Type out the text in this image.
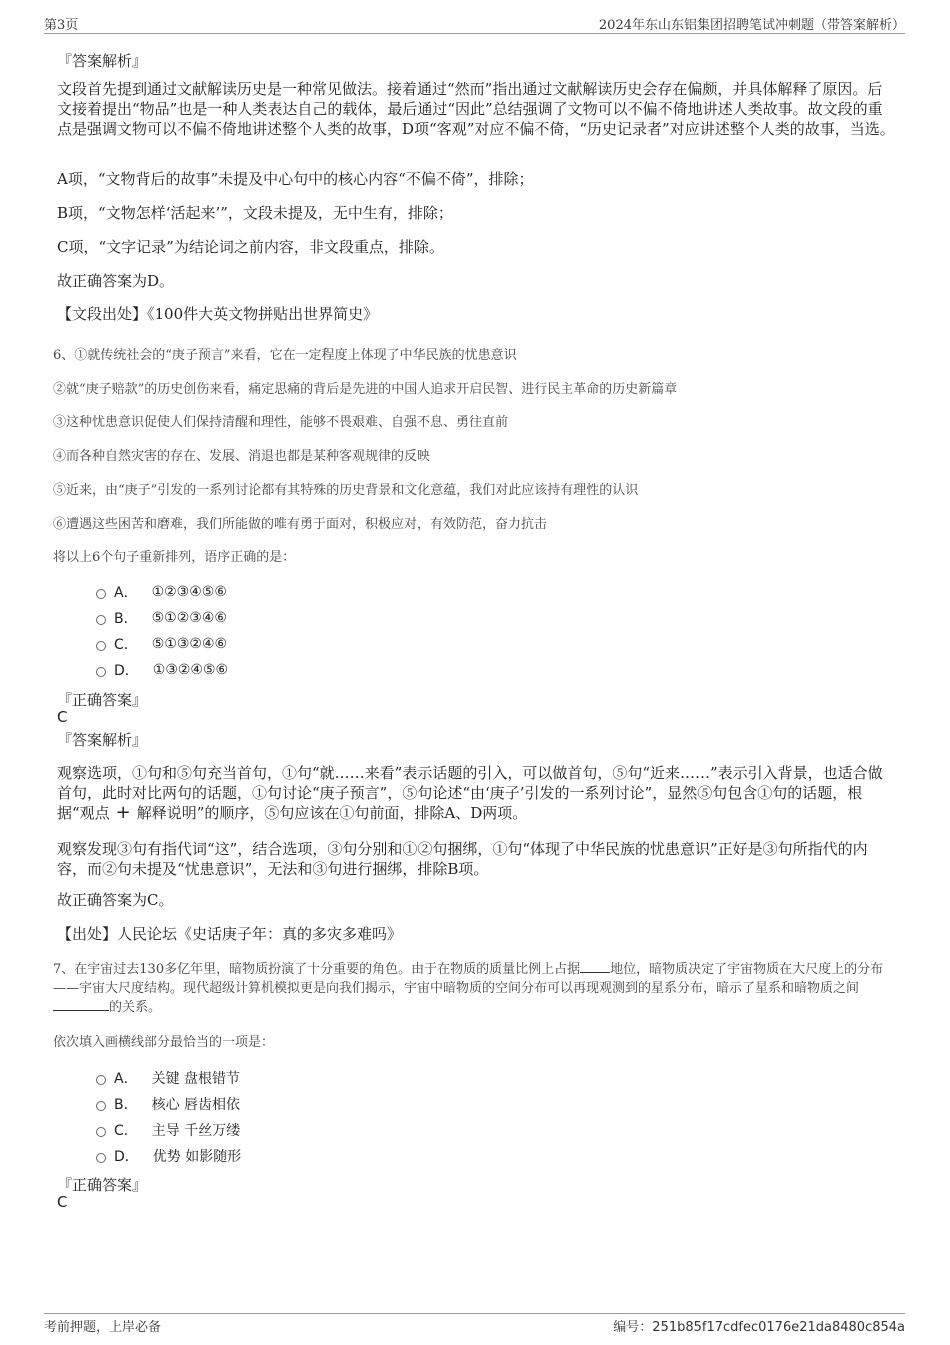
第3页	2024年东山东铝集团招聘笔试冲刺题（带答案解析）
『答案解析』
文段首先提到通过文献解读历史是一种常见做法。接着通过“然而”指出通过文献解读历史会存在偏颇，并具体解释了原因。后文接着提出“物品”也是一种人类表达自己的载体，最后通过“因此”总结强调了文物可以不偏不倚地讲述人类故事。故文段的重点是强调文物可以不偏不倚地讲述整个人类的故事，D项“客观”对应不偏不倚，“历史记录者”对应讲述整个人类的故事，当选。
A项，“文物背后的故事”未提及中心句中的核心内容“不偏不倚”，排除；
B项，“文物怎样‘活起来’”，文段未提及，无中生有，排除；
C项，“文字记录”为结论词之前内容，非文段重点，排除。
故正确答案为D。
【文段出处】《100件大英文物拼贴出世界简史》
6、①就传统社会的“庚子预言”来看，它在一定程度上体现了中华民族的忧患意识
②就“庚子赔款”的历史创伤来看，痛定思痛的背后是先进的中国人追求开启民智、进行民主革命的历史新篇章
③这种忧患意识促使人们保持清醒和理性，能够不畏艰难、自强不息、勇往直前
④而各种自然灾害的存在、发展、消退也都是某种客观规律的反映
⑤近来，由“庚子”引发的一系列讨论都有其特殊的历史背景和文化意蕴，我们对此应该持有理性的认识
⑥遭遇这些困苦和磨难，我们所能做的唯有勇于面对，积极应对，有效防范，奋力抗击
将以上6个句子重新排列，语序正确的是：
A． ①②③④⑤⑥
B． ⑤①②③④⑥
C． ⑤①③②④⑥
D． ①③②④⑤⑥
『正确答案』
C
『答案解析』
观察选项，①句和⑤句充当首句，①句“就……来看”表示话题的引入，可以做首句，⑤句“近来……”表示引入背景，也适合做首句，此时对比两句的话题，①句讨论“庚子预言”，⑤句论述“由‘庚子’引发的一系列讨论”，显然⑤句包含①句的话题，根据“观点 + 解释说明”的顺序，⑤句应该在①句前面，排除A、D两项。
观察发现③句有指代词“这”，结合选项，③句分别和①②句捆绑，①句“体现了中华民族的忧患意识”正好是③句所指代的内容，而②句未提及“忧患意识”，无法和③句进行捆绑，排除B项。
故正确答案为C。
【出处】人民论坛《史话庚子年：真的多灾多难吗》
7、在宇宙过去130多亿年里，暗物质扮演了十分重要的角色。由于在物质的质量比例上占据 地位，暗物质决定了宇宙物质在大尺度上的分布——宇宙大尺度结构。现代超级计算机模拟更是向我们揭示，宇宙中暗物质的空间分布可以再现观测到的星系分布，暗示了星系和暗物质之间的关系。
依次填入画横线部分最恰当的一项是：
A． 关键 盘根错节
B． 核心 唇齿相依
C． 主导 千丝万缕
D． 优势 如影随形
『正确答案』
C
考前押题，上岸必备	编号：251b85f17cdfec0176e21da8480c854a
